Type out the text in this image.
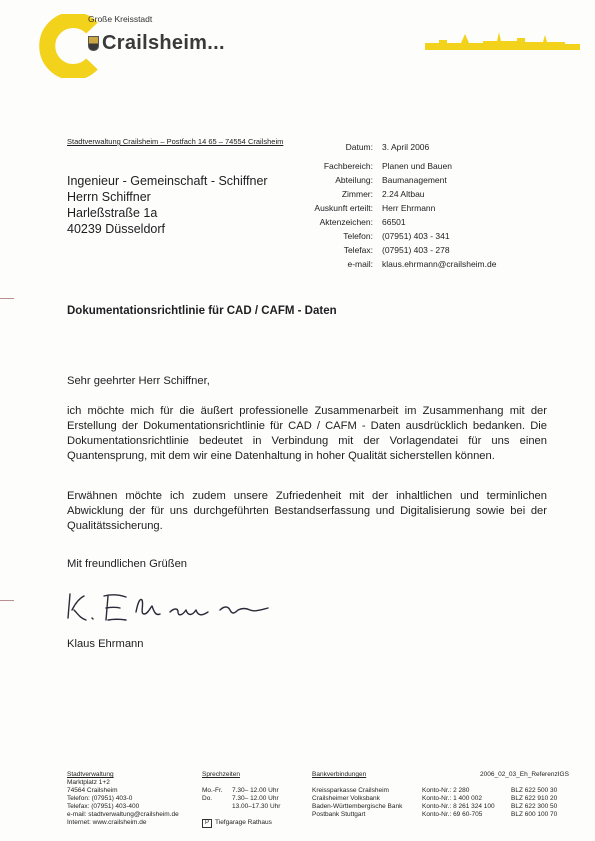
Große Kreisstadt
Crailsheim...
Stadtverwaltung Crailsheim – Postfach 14 65 – 74554 Crailsheim
Ingenieur - Gemeinschaft - Schiffner
Herrn Schiffner
Harleßstraße 1a
40239 Düsseldorf
Datum: 3. April 2006
Fachbereich: Planen und Bauen
Abteilung: Baumanagement
Zimmer: 2.24 Altbau
Auskunft erteilt: Herr Ehrmann
Aktenzeichen: 66501
Telefon: (07951) 403 - 341
Telefax: (07951) 403 - 278
e-mail: klaus.ehrmann@crailsheim.de
Dokumentationsrichtlinie für CAD / CAFM - Daten
Sehr geehrter Herr Schiffner,
ich möchte mich für die äußert professionelle Zusammenarbeit im Zusammenhang mit der Erstellung der Dokumentationsrichtlinie für CAD / CAFM - Daten ausdrücklich bedanken. Die Dokumentationsrichtlinie bedeutet in Verbindung mit der Vorlagendatei für uns einen Quantensprung, mit dem wir eine Datenhaltung in hoher Qualität sicherstellen können.
Erwähnen möchte ich zudem unsere Zufriedenheit mit der inhaltlichen und terminlichen Abwicklung der für uns durchgeführten Bestandserfassung und Digitalisierung sowie bei der Qualitätssicherung.
Mit freundlichen Grüßen
Klaus Ehrmann
Stadtverwaltung
Marktplatz 1+2
74564 Crailsheim
Telefon: (07951) 403-0
Telefax: (07951) 403-400
e-mail: stadtverwaltung@crailsheim.de
Internet: www.crailsheim.de
Sprechzeiten
Mo.-Fr.
Do.
7.30– 12.00 Uhr
7.30– 12.00 Uhr
13.00–17.30 Uhr
P Tiefgarage Rathaus
Bankverbindungen
Kreissparkasse Crailsheim
Crailsheimer Volksbank
Baden-Württembergische Bank
Postbank Stuttgart
Konto-Nr.: 2 280
Konto-Nr.: 1 400 002
Konto-Nr.: 8 261 324 100
Konto-Nr.: 69 60-705
BLZ 622 500 30
BLZ 622 910 20
BLZ 622 300 50
BLZ 600 100 70
2006_02_03_Eh_ReferenzIGS
